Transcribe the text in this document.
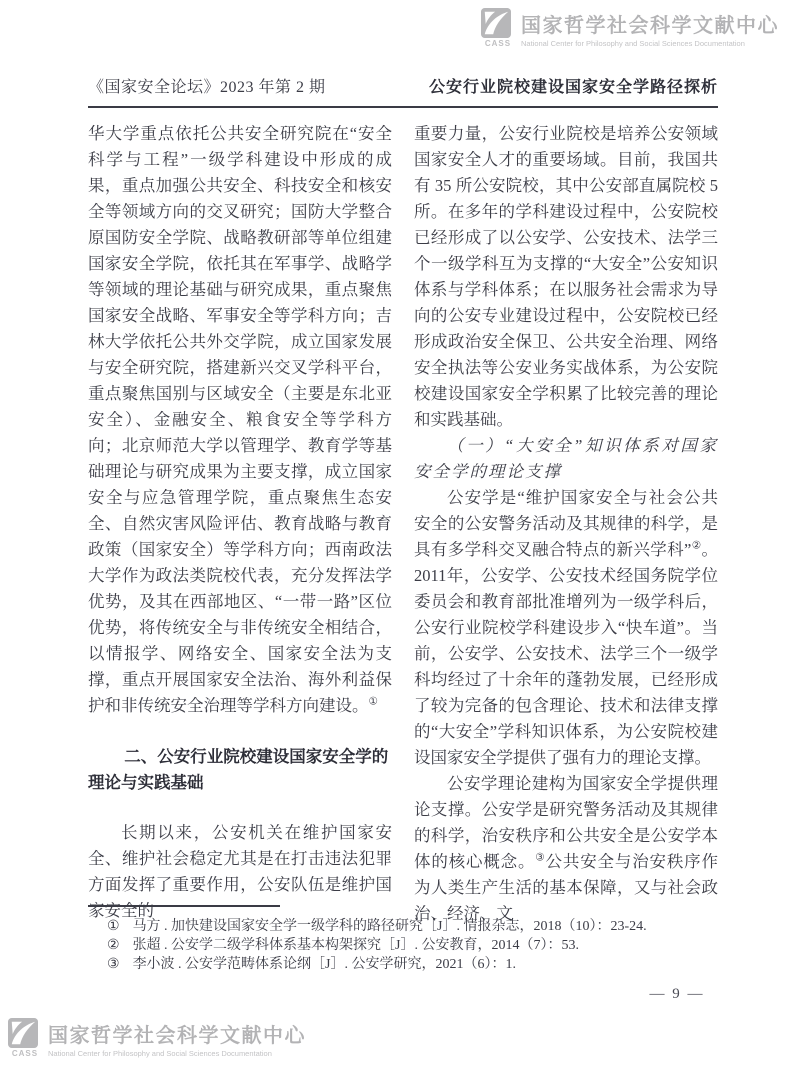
国家哲学社会科学文献中心
CASS	National Center for Philosophy and Social Sciences Documentation
《国家安全论坛》2023 年第 2 期	公安行业院校建设国家安全学路径探析

华大学重点依托公共安全研究院在“安全科学与工程”一级学科建设中形成的成果，重点加强公共安全、科技安全和核安全等领域方向的交叉研究；国防大学整合原国防安全学院、战略教研部等单位组建国家安全学院，依托其在军事学、战略学等领域的理论基础与研究成果，重点聚焦国家安全战略、军事安全等学科方向；吉林大学依托公共外交学院，成立国家发展与安全研究院，搭建新兴交叉学科平台，重点聚焦国别与区域安全（主要是东北亚安全）、金融安全、粮食安全等学科方向；北京师范大学以管理学、教育学等基础理论与研究成果为主要支撑，成立国家安全与应急管理学院，重点聚焦生态安全、自然灾害风险评估、教育战略与教育政策（国家安全）等学科方向；西南政法大学作为政法类院校代表，充分发挥法学优势，及其在西部地区、“一带一路”区位优势，将传统安全与非传统安全相结合，以情报学、网络安全、国家安全法为支撑，重点开展国家安全法治、海外利益保护和非传统安全治理等学科方向建设。①

二、公安行业院校建设国家安全学的理论与实践基础

长期以来，公安机关在维护国家安全、维护社会稳定尤其是在打击违法犯罪方面发挥了重要作用，公安队伍是维护国家安全的

重要力量，公安行业院校是培养公安领域国家安全人才的重要场域。目前，我国共有 35 所公安院校，其中公安部直属院校 5 所。在多年的学科建设过程中，公安院校已经形成了以公安学、公安技术、法学三个一级学科互为支撑的“大安全”公安知识体系与学科体系；在以服务社会需求为导向的公安专业建设过程中，公安院校已经形成政治安全保卫、公共安全治理、网络安全执法等公安业务实战体系，为公安院校建设国家安全学积累了比较完善的理论和实践基础。

（一）“大安全”知识体系对国家安全学的理论支撑

公安学是“维护国家安全与社会公共安全的公安警务活动及其规律的科学，是具有多学科交叉融合特点的新兴学科”②。2011年，公安学、公安技术经国务院学位委员会和教育部批准增列为一级学科后，公安行业院校学科建设步入“快车道”。当前，公安学、公安技术、法学三个一级学科均经过了十余年的蓬勃发展，已经形成了较为完备的包含理论、技术和法律支撑的“大安全”学科知识体系，为公安院校建设国家安全学提供了强有力的理论支撑。

公安学理论建构为国家安全学提供理论支撑。公安学是研究警务活动及其规律的科学，治安秩序和公共安全是公安学本体的核心概念。③公共安全与治安秩序作为人类生产生活的基本保障，又与社会政治、经济、文

① 马方 . 加快建设国家安全学一级学科的路径研究［J］. 情报杂志，2018（10）：23-24.
② 张超 . 公安学二级学科体系基本构架探究［J］. 公安教育，2014（7）：53.
③ 李小波 . 公安学范畴体系论纲［J］. 公安学研究，2021（6）：1.
— 9 —
国家哲学社会科学文献中心
CASS	National Center for Philosophy and Social Sciences Documentation
